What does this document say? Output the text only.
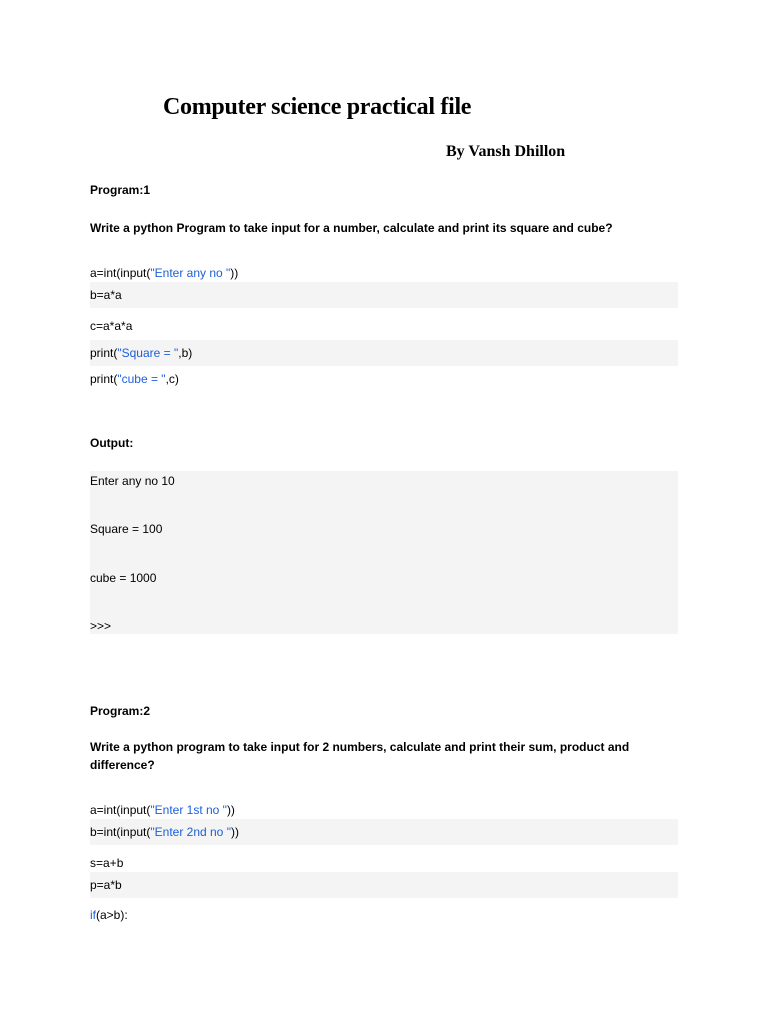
Computer science practical file
By Vansh Dhillon
Program:1
Write a python Program to take input for a number, calculate and print its square and cube?
a=int(input("Enter any no "))
b=a*a
c=a*a*a
print("Square = ",b)
print("cube = ",c)
Output:
Enter any no 10
Square = 100
cube = 1000
>>>
Program:2
Write a python program to take input for 2 numbers, calculate and print their sum, product and difference?
a=int(input("Enter 1st no "))
b=int(input("Enter 2nd no "))
s=a+b
p=a*b
if(a>b):
